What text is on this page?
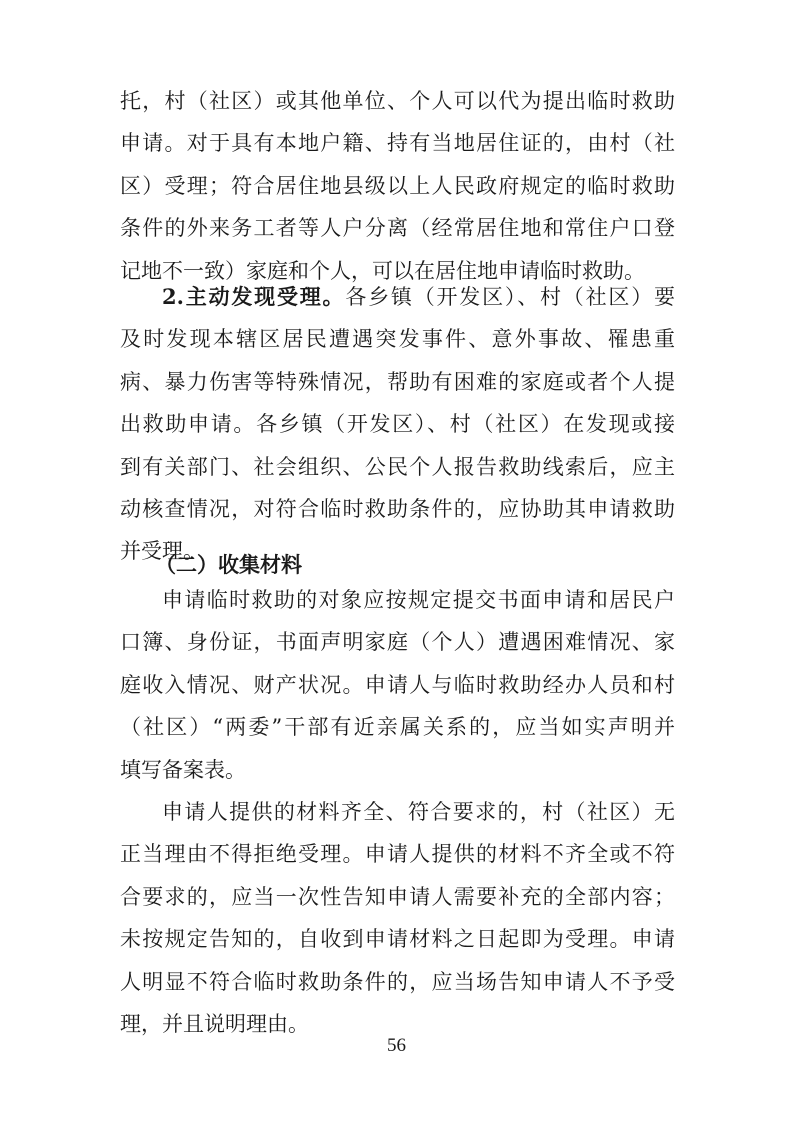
托，村（社区）或其他单位、个人可以代为提出临时救助
申请。对于具有本地户籍、持有当地居住证的，由村（社
区）受理；符合居住地县级以上人民政府规定的临时救助
条件的外来务工者等人户分离（经常居住地和常住户口登
记地不一致）家庭和个人，可以在居住地申请临时救助。
2.主动发现受理。各乡镇（开发区）、村（社区）要
及时发现本辖区居民遭遇突发事件、意外事故、罹患重
病、暴力伤害等特殊情况，帮助有困难的家庭或者个人提
出救助申请。各乡镇（开发区）、村（社区）在发现或接
到有关部门、社会组织、公民个人报告救助线索后，应主
动核查情况，对符合临时救助条件的，应协助其申请救助
并受理。
（二）收集材料
申请临时救助的对象应按规定提交书面申请和居民户
口簿、身份证，书面声明家庭（个人）遭遇困难情况、家
庭收入情况、财产状况。申请人与临时救助经办人员和村
（社区）“两委”干部有近亲属关系的，应当如实声明并
填写备案表。
申请人提供的材料齐全、符合要求的，村（社区）无
正当理由不得拒绝受理。申请人提供的材料不齐全或不符
合要求的，应当一次性告知申请人需要补充的全部内容；
未按规定告知的，自收到申请材料之日起即为受理。申请
人明显不符合临时救助条件的，应当场告知申请人不予受
理，并且说明理由。
56
